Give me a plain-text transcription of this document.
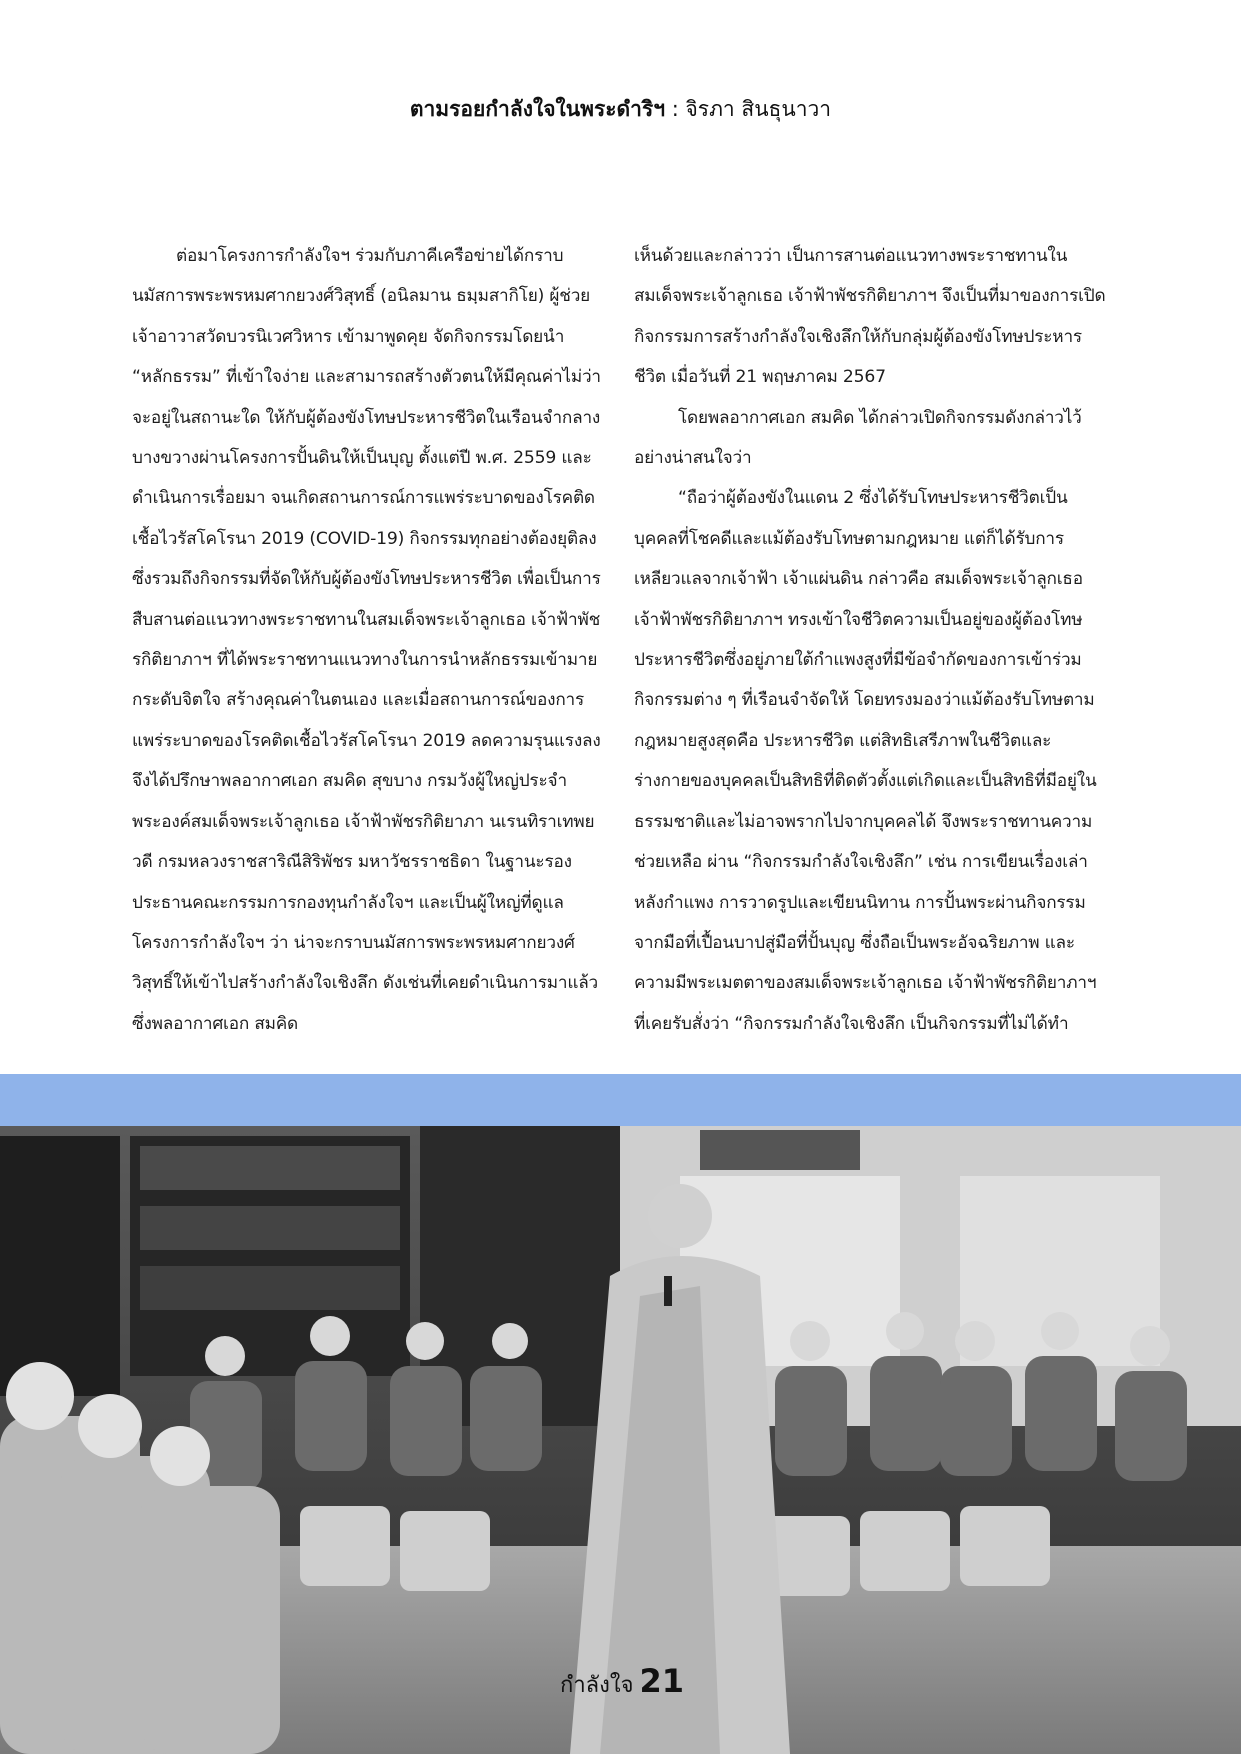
ตามรอยกำลังใจในพระดำริฯ : จิรภา สินธุนาวา

ต่อมาโครงการกำลังใจฯ ร่วมกับภาคีเครือข่ายได้กราบนมัสการพระพรหมศากยวงศ์วิสุทธิ์ (อนิลมาน ธมฺมสากิโย) ผู้ช่วยเจ้าอาวาสวัดบวรนิเวศวิหาร เข้ามาพูดคุย จัดกิจกรรมโดยนำ “หลักธรรม” ที่เข้าใจง่าย และสามารถสร้างตัวตนให้มีคุณค่าไม่ว่าจะอยู่ในสถานะใด ให้กับผู้ต้องขังโทษประหารชีวิตในเรือนจำกลางบางขวางผ่านโครงการปั้นดินให้เป็นบุญ ตั้งแต่ปี พ.ศ. 2559 และดำเนินการเรื่อยมา จนเกิดสถานการณ์การแพร่ระบาดของโรคติดเชื้อไวรัสโคโรนา 2019 (COVID-19) กิจกรรมทุกอย่างต้องยุติลงซึ่งรวมถึงกิจกรรมที่จัดให้กับผู้ต้องขังโทษประหารชีวิต เพื่อเป็นการสืบสานต่อแนวทางพระราชทานในสมเด็จพระเจ้าลูกเธอ เจ้าฟ้าพัชรกิติยาภาฯ ที่ได้พระราชทานแนวทางในการนำหลักธรรมเข้ามายกระดับจิตใจ สร้างคุณค่าในตนเอง และเมื่อสถานการณ์ของการแพร่ระบาดของโรคติดเชื้อไวรัสโคโรนา 2019 ลดความรุนแรงลง จึงได้ปรึกษาพลอากาศเอก สมคิด สุขบาง กรมวังผู้ใหญ่ประจำพระองค์สมเด็จพระเจ้าลูกเธอ เจ้าฟ้าพัชรกิติยาภา นเรนทิราเทพยวดี กรมหลวงราชสาริณีสิริพัชร มหาวัชรราชธิดา ในฐานะรองประธานคณะกรรมการกองทุนกำลังใจฯ และเป็นผู้ใหญ่ที่ดูแลโครงการกำลังใจฯ ว่า น่าจะกราบนมัสการพระพรหมศากยวงศ์วิสุทธิ์ให้เข้าไปสร้างกำลังใจเชิงลึก ดังเช่นที่เคยดำเนินการมาแล้ว ซึ่งพลอากาศเอก สมคิด

เห็นด้วยและกล่าวว่า เป็นการสานต่อแนวทางพระราชทานในสมเด็จพระเจ้าลูกเธอ เจ้าฟ้าพัชรกิติยาภาฯ จึงเป็นที่มาของการเปิดกิจกรรมการสร้างกำลังใจเชิงลึกให้กับกลุ่มผู้ต้องขังโทษประหารชีวิต เมื่อวันที่ 21 พฤษภาคม 2567

โดยพลอากาศเอก สมคิด ได้กล่าวเปิดกิจกรรมดังกล่าวไว้อย่างน่าสนใจว่า

“ถือว่าผู้ต้องขังในแดน 2 ซึ่งได้รับโทษประหารชีวิตเป็นบุคคลที่โชคดีและแม้ต้องรับโทษตามกฎหมาย แต่ก็ได้รับการเหลียวแลจากเจ้าฟ้า เจ้าแผ่นดิน กล่าวคือ สมเด็จพระเจ้าลูกเธอ เจ้าฟ้าพัชรกิติยาภาฯ ทรงเข้าใจชีวิตความเป็นอยู่ของผู้ต้องโทษประหารชีวิตซึ่งอยู่ภายใต้กำแพงสูงที่มีข้อจำกัดของการเข้าร่วมกิจกรรมต่าง ๆ ที่เรือนจำจัดให้ โดยทรงมองว่าแม้ต้องรับโทษตามกฎหมายสูงสุดคือ ประหารชีวิต แต่สิทธิเสรีภาพในชีวิตและร่างกายของบุคคลเป็นสิทธิที่ติดตัวตั้งแต่เกิดและเป็นสิทธิที่มีอยู่ในธรรมชาติและไม่อาจพรากไปจากบุคคลได้ จึงพระราชทานความช่วยเหลือ ผ่าน “กิจกรรมกำลังใจเชิงลึก” เช่น การเขียนเรื่องเล่าหลังกำแพง การวาดรูปและเขียนนิทาน การปั้นพระผ่านกิจกรรม จากมือที่เปื้อนบาปสู่มือที่ปั้นบุญ ซึ่งถือเป็นพระอัจฉริยภาพ และความมีพระเมตตาของสมเด็จพระเจ้าลูกเธอ เจ้าฟ้าพัชรกิติยาภาฯ ที่เคยรับสั่งว่า “กิจกรรมกำลังใจเชิงลึก เป็นกิจกรรมที่ไม่ได้ทำ

กำลังใจ 21
